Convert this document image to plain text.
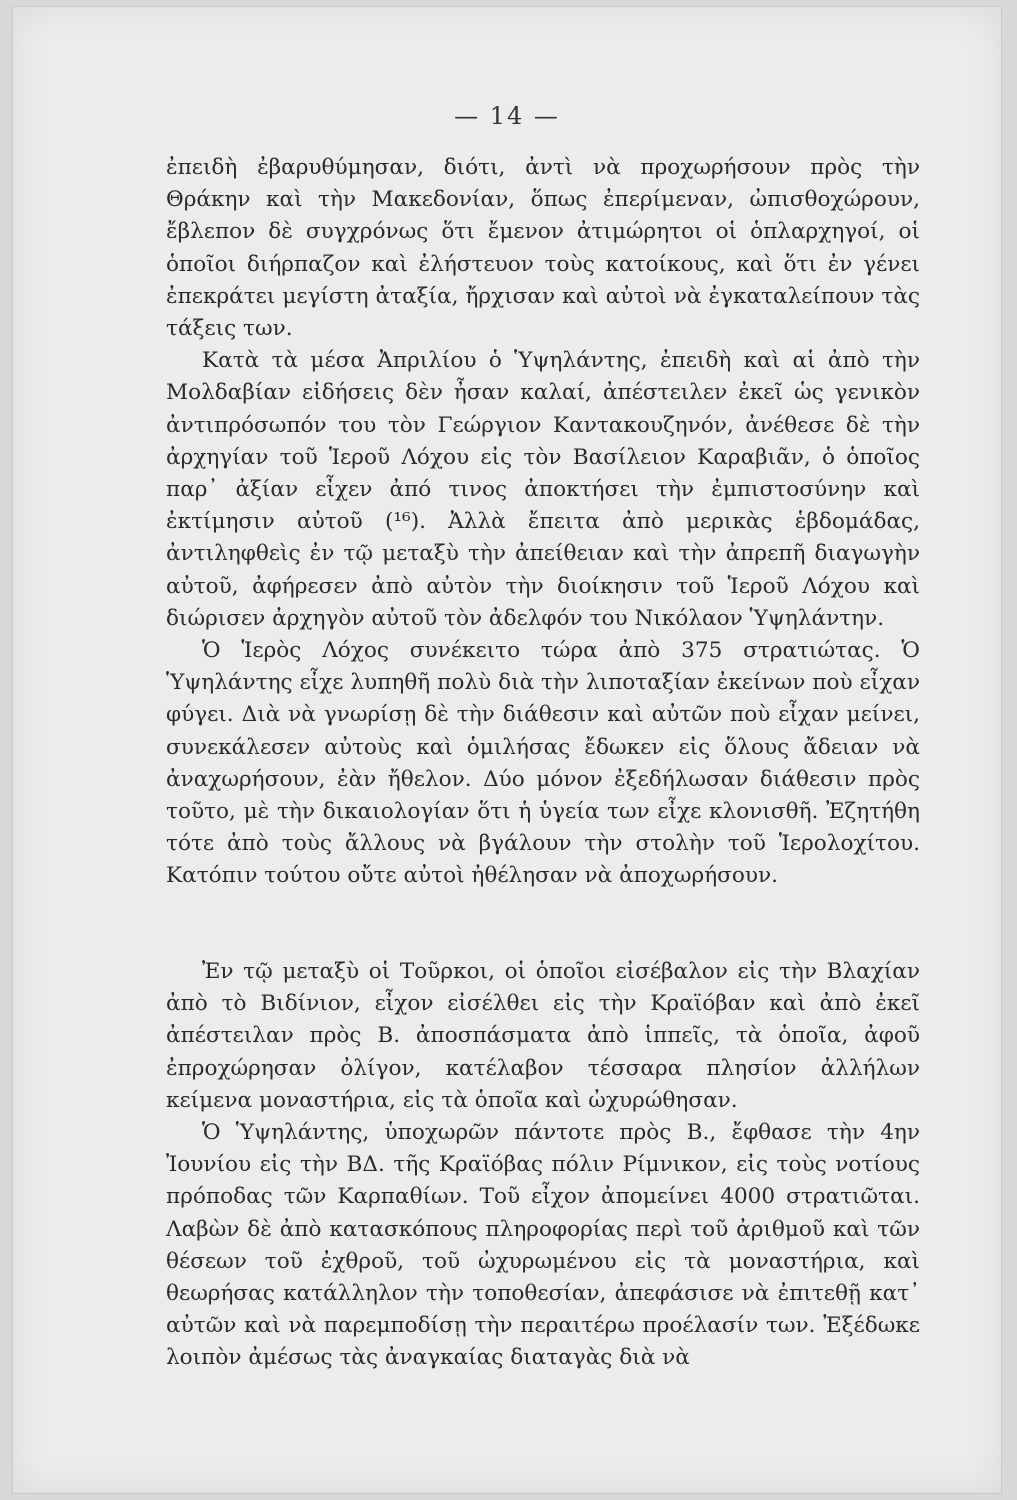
— 14 —

ἐπειδὴ ἐβαρυθύμησαν, διότι, ἀντὶ νὰ προχωρήσουν πρὸς τὴν Θράκην καὶ τὴν Μακεδονίαν, ὅπως ἐπερίμεναν, ὠπισθοχώρουν, ἔβλεπον δὲ συγχρόνως ὅτι ἔμενον ἀτιμώρητοι οἱ ὁπλαρχηγοί, οἱ ὁποῖοι διήρπαζον καὶ ἐλήστευον τοὺς κατοίκους, καὶ ὅτι ἐν γένει ἐπεκράτει μεγίστη ἀταξία, ἤρχισαν καὶ αὐτοὶ νὰ ἐγκαταλείπουν τὰς τάξεις των.

Κατὰ τὰ μέσα Ἀπριλίου ὁ Ὑψηλάντης, ἐπειδὴ καὶ αἱ ἀπὸ τὴν Μολδαβίαν εἰδήσεις δὲν ἦσαν καλαί, ἀπέστειλεν ἐκεῖ ὡς γενικὸν ἀντιπρόσωπόν του τὸν Γεώργιον Κανταкουζηνόν, ἀνέθεσε δὲ τὴν ἀρχηγίαν τοῦ Ἱεροῦ Λόχου εἰς τὸν Βασίλειον Καραβιᾶν, ὁ ὁποῖος παρ᾿ ἀξίαν εἶχεν ἀπό τινος ἀποκτήσει τὴν ἐμπιστοσύνην καὶ ἐκτίμησιν αὐτοῦ (¹⁶). Ἀλλὰ ἔπειτα ἀπὸ μερικὰς ἑβδομάδας, ἀντιληφθεὶς ἐν τῷ μεταξὺ τὴν ἀπείθειαν καὶ τὴν ἀπρεπῆ διαγωγὴν αὐτοῦ, ἀφήρεσεν ἀπὸ αὐτὸν τὴν διοίκησιν τοῦ Ἱεροῦ Λόχου καὶ διώρισεν ἀρχηγὸν αὐτοῦ τὸν ἀδελφόν του Νικόλαον Ὑψηλάντην.

Ὁ Ἱερὸς Λόχος συνέκειτο τώρα ἀπὸ 375 στρατιώτας. Ὁ Ὑψηλάντης εἶχε λυπηθῆ πολὺ διὰ τὴν λιποταξίαν ἐκείνων ποὺ εἶχαν φύγει. Διὰ νὰ γνωρίσῃ δὲ τὴν διάθεσιν καὶ αὐτῶν ποὺ εἶχαν μείνει, συνεκάλεσεν αὐτοὺς καὶ ὁμιλήσας ἔδωκεν εἰς ὅλους ἄδειαν νὰ ἀναχωρήσουν, ἐὰν ἤθελον. Δύο μόνον ἐξεδήλωσαν διάθεσιν πρὸς τοῦτο, μὲ τὴν δικαιολογίαν ὅτι ἡ ὑγεία των εἶχε κλονισθῆ. Ἐζητήθη τότε ἀπὸ τοὺς ἄλλους νὰ βγάλουν τὴν στολὴν τοῦ Ἱερολοχίτου. Κατόπιν τούτου οὔτε αὐτοὶ ἠθέλησαν νὰ ἀποχωρήσουν.

Ἐν τῷ μεταξὺ οἱ Τοῦρκοι, οἱ ὁποῖοι εἰσέβαλον εἰς τὴν Βλαχίαν ἀπὸ τὸ Βιδίνιον, εἶχον εἰσέλθει εἰς τὴν Κραϊόβαν καὶ ἀπὸ ἐκεῖ ἀπέστειλαν πρὸς Β. ἀποσπάσματα ἀπὸ ἱππεῖς, τὰ ὁποῖα, ἀφοῦ ἐπροχώρησαν ὀλίγον, κατέλαβον τέσσαρα πλησίον ἀλλήλων κείμενα μοναστήρια, εἰς τὰ ὁποῖα καὶ ὠχυρώθησαν.

Ὁ Ὑψηλάντης, ὑποχωρῶν πάντοτε πρὸς Β., ἔφθασε τὴν 4ην Ἰουνίου εἰς τὴν ΒΔ. τῆς Κραϊόβας πόλιν Ρίμνικον, εἰς τοὺς νοτίους πρόποδας τῶν Καρπαθίων. Τοῦ εἶχον ἀπομείνει 4000 στρατιῶται. Λαβὼν δὲ ἀπὸ κατασκόπους πληροφορίας περὶ τοῦ ἀριθμοῦ καὶ τῶν θέσεων τοῦ ἐχθροῦ, τοῦ ὠχυρωμένου εἰς τὰ μοναστήρια, καὶ θεωρήσας κατάλληλον τὴν τοποθεσίαν, ἀπεφάσισε νὰ ἐπιτεθῇ κατ᾿ αὐτῶν καὶ νὰ παρεμποδίσῃ τὴν περαιτέρω προέλασίν των. Ἐξέδωκε λοιπὸν ἀμέσως τὰς ἀναγκαίας διαταγὰς διὰ νὰ
